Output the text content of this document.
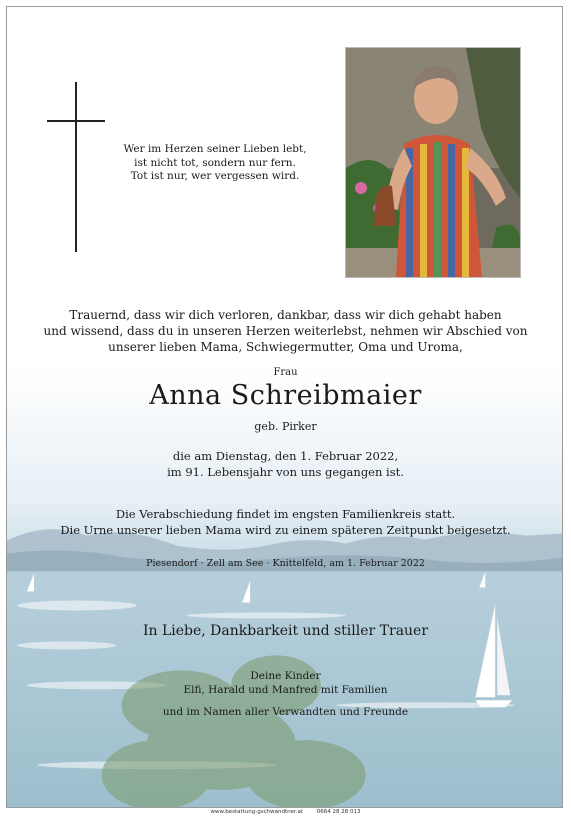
Wer im Herzen seiner Lieben lebt,
ist nicht tot, sondern nur fern.
Tot ist nur, wer vergessen wird.
Trauernd, dass wir dich verloren, dankbar, dass wir dich gehabt haben
und wissend, dass du in unseren Herzen weiterlebst, nehmen wir Abschied von
unserer lieben Mama, Schwiegermutter, Oma und Uroma,
Frau
Anna Schreibmaier
geb. Pirker
die am Dienstag, den 1. Februar 2022,
im 91. Lebensjahr von uns gegangen ist.
Die Verabschiedung findet im engsten Familienkreis statt.
Die Urne unserer lieben Mama wird zu einem späteren Zeitpunkt beigesetzt.
Piesendorf · Zell am See · Knittelfeld, am 1. Februar 2022
In Liebe, Dankbarkeit und stiller Trauer
Deine Kinder
Elfi, Harald und Manfred mit Familien
und im Namen aller Verwandten und Freunde
www.bestattung-gschwandtner.at	0664 28 28 013
